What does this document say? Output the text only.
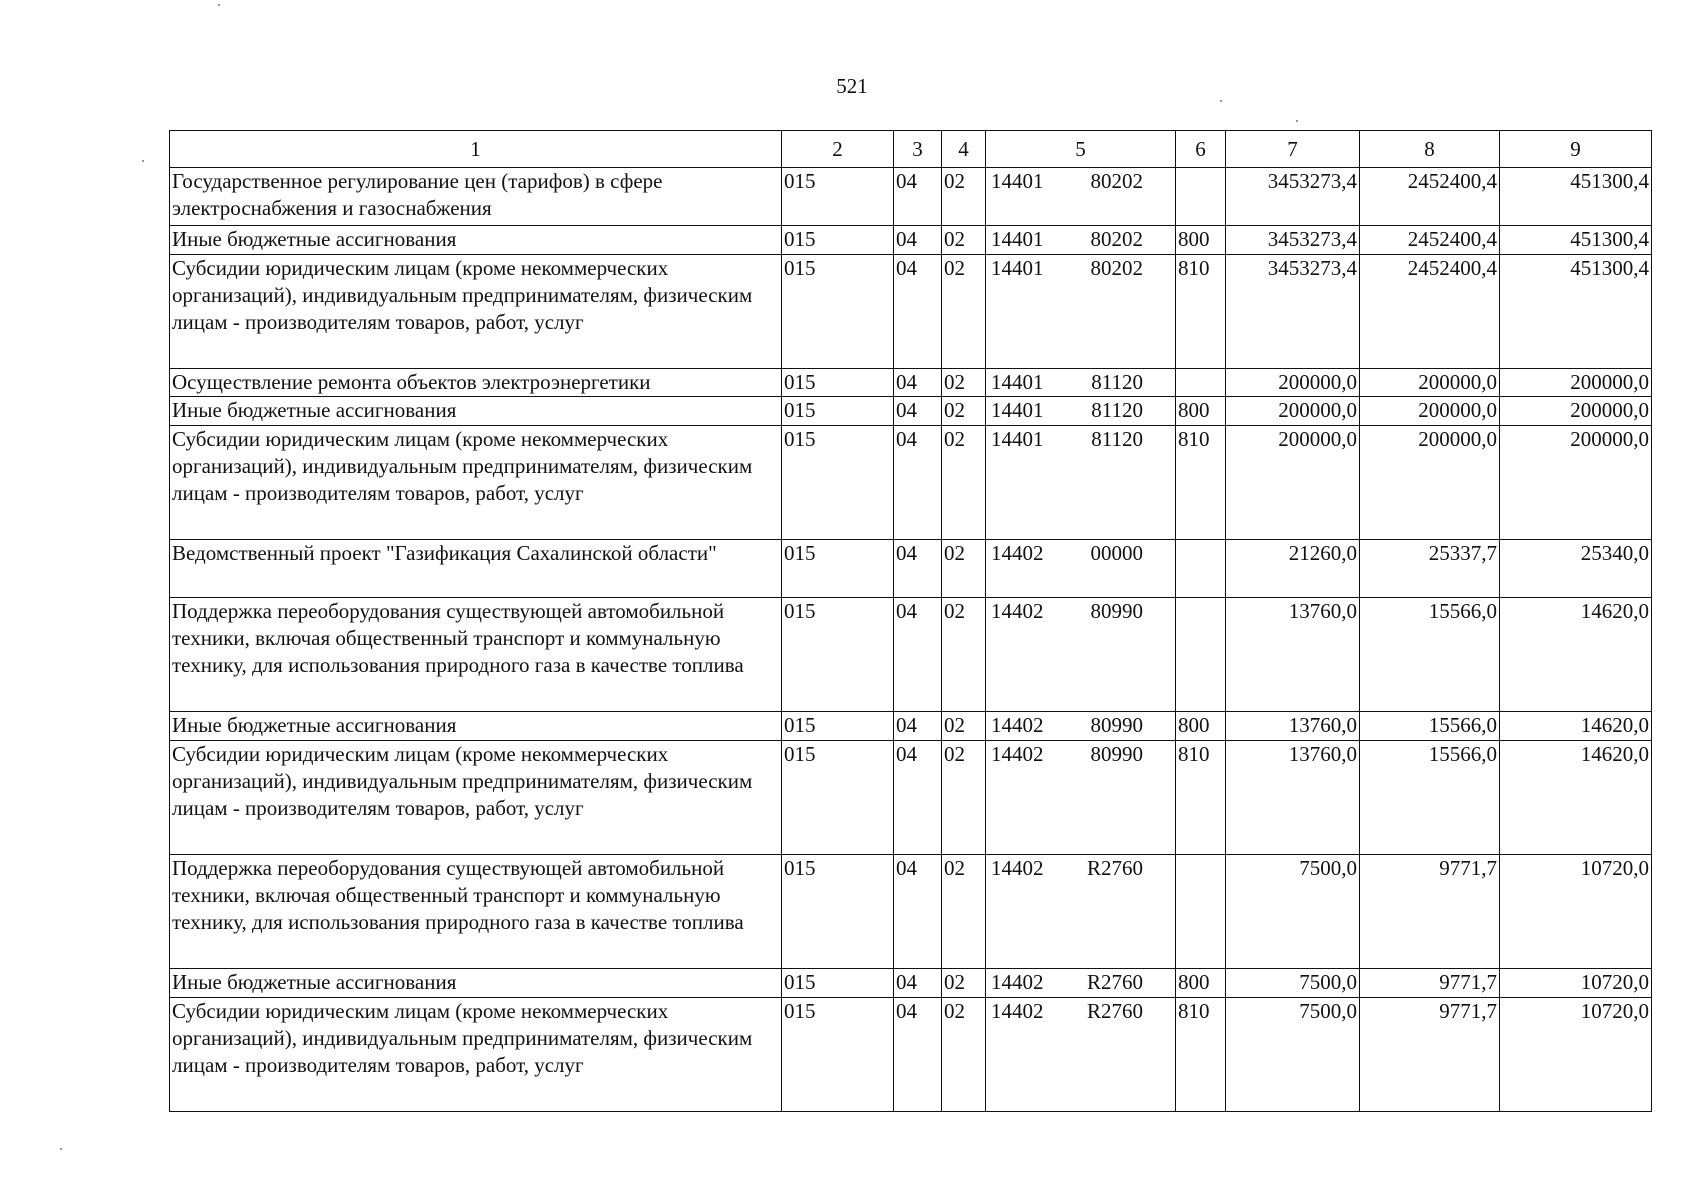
521
1	2	3	4	5	6	7	8	9
Государственное регулирование цен (тарифов) в сфере электроснабжения и газоснабжения	015	04	02	14401 80202		3453273,4	2452400,4	451300,4
Иные бюджетные ассигнования	015	04	02	14401 80202	800	3453273,4	2452400,4	451300,4
Субсидии юридическим лицам (кроме некоммерческих организаций), индивидуальным предпринимателям, физическим лицам - производителям товаров, работ, услуг	015	04	02	14401 80202	810	3453273,4	2452400,4	451300,4
Осуществление ремонта объектов электроэнергетики	015	04	02	14401 81120		200000,0	200000,0	200000,0
Иные бюджетные ассигнования	015	04	02	14401 81120	800	200000,0	200000,0	200000,0
Субсидии юридическим лицам (кроме некоммерческих организаций), индивидуальным предпринимателям, физическим лицам - производителям товаров, работ, услуг	015	04	02	14401 81120	810	200000,0	200000,0	200000,0
Ведомственный проект "Газификация Сахалинской области"	015	04	02	14402 00000		21260,0	25337,7	25340,0
Поддержка переоборудования существующей автомобильной техники, включая общественный транспорт и коммунальную технику, для использования природного газа в качестве топлива	015	04	02	14402 80990		13760,0	15566,0	14620,0
Иные бюджетные ассигнования	015	04	02	14402 80990	800	13760,0	15566,0	14620,0
Субсидии юридическим лицам (кроме некоммерческих организаций), индивидуальным предпринимателям, физическим лицам - производителям товаров, работ, услуг	015	04	02	14402 80990	810	13760,0	15566,0	14620,0
Поддержка переоборудования существующей автомобильной техники, включая общественный транспорт и коммунальную технику, для использования природного газа в качестве топлива	015	04	02	14402 R2760		7500,0	9771,7	10720,0
Иные бюджетные ассигнования	015	04	02	14402 R2760	800	7500,0	9771,7	10720,0
Субсидии юридическим лицам (кроме некоммерческих организаций), индивидуальным предпринимателям, физическим лицам - производителям товаров, работ, услуг	015	04	02	14402 R2760	810	7500,0	9771,7	10720,0
